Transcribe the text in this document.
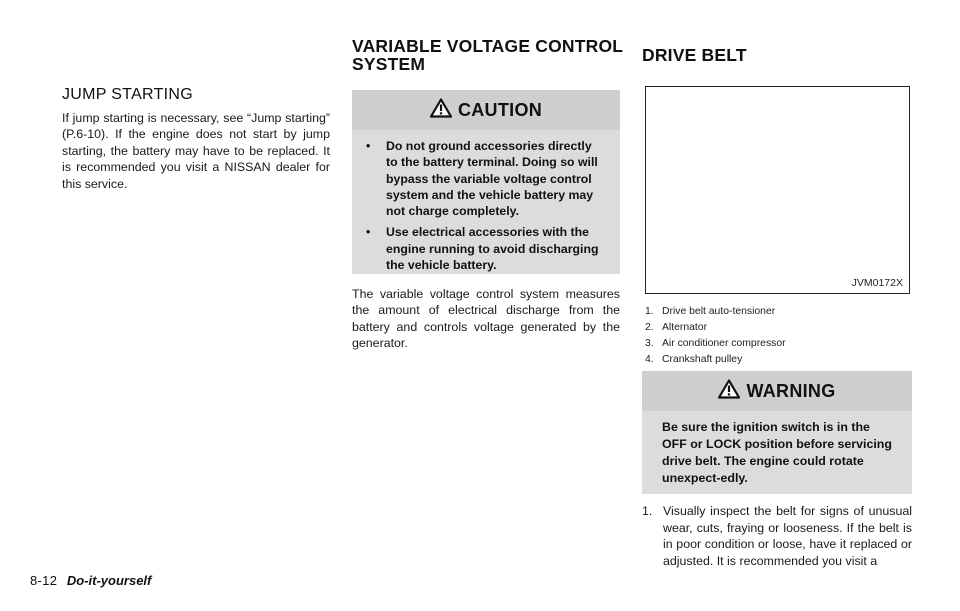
JUMP STARTING
If jump starting is necessary, see “Jump starting” (P.6-10). If the engine does not start by jump starting, the battery may have to be replaced. It is recommended you visit a NISSAN dealer for this service.
VARIABLE VOLTAGE CONTROL
SYSTEM
CAUTION
• Do not ground accessories directly to the battery terminal. Doing so will bypass the variable voltage control system and the vehicle battery may not charge completely.
• Use electrical accessories with the engine running to avoid discharging the vehicle battery.
The variable voltage control system measures the amount of electrical discharge from the battery and controls voltage generated by the generator.
DRIVE BELT
JVM0172X
1. Drive belt auto-tensioner
2. Alternator
3. Air conditioner compressor
4. Crankshaft pulley
WARNING
Be sure the ignition switch is in the OFF or LOCK position before servicing drive belt. The engine could rotate unexpect-edly.
1. Visually inspect the belt for signs of unusual wear, cuts, fraying or looseness. If the belt is in poor condition or loose, have it replaced or adjusted. It is recommended you visit a
8-12 Do-it-yourself
